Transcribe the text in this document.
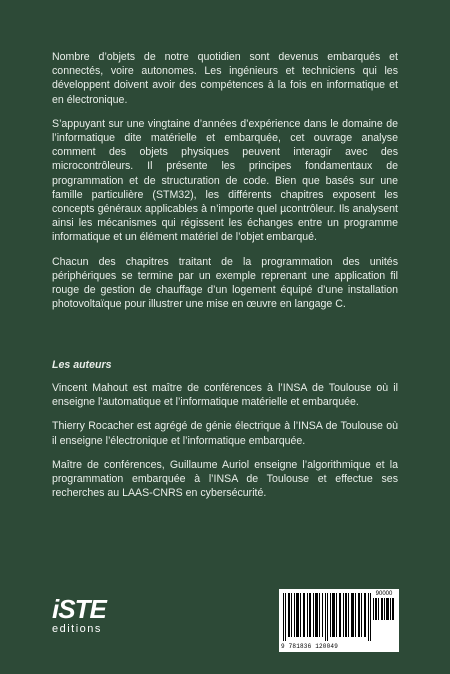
Nombre d’objets de notre quotidien sont devenus embarqués et connectés, voire autonomes. Les ingénieurs et techniciens qui les développent doivent avoir des compétences à la fois en informatique et en électronique.

S’appuyant sur une vingtaine d’années d’expérience dans le domaine de l’informatique dite matérielle et embarquée, cet ouvrage analyse comment des objets physiques peuvent interagir avec des microcontrôleurs. Il présente les principes fondamentaux de programmation et de structuration de code. Bien que basés sur une famille particulière (STM32), les différents chapitres exposent les concepts généraux applicables à n’importe quel µcontrôleur. Ils analysent ainsi les mécanismes qui régissent les échanges entre un programme informatique et un élément matériel de l’objet embarqué.

Chacun des chapitres traitant de la programmation des unités périphériques se termine par un exemple reprenant une application fil rouge de gestion de chauffage d’un logement équipé d’une installation photovoltaïque pour illustrer une mise en œuvre en langage C.

Les auteurs

Vincent Mahout est maître de conférences à l’INSA de Toulouse où il enseigne l’automatique et l’informatique matérielle et embarquée.

Thierry Rocacher est agrégé de génie électrique à l’INSA de Toulouse où il enseigne l’électronique et l’informatique embarquée.

Maître de conférences, Guillaume Auriol enseigne l’algorithmique et la programmation embarquée à l’INSA de Toulouse et effectue ses recherches au LAAS-CNRS en cybersécurité.

iSTE
editions
90000
9 781836 120049
